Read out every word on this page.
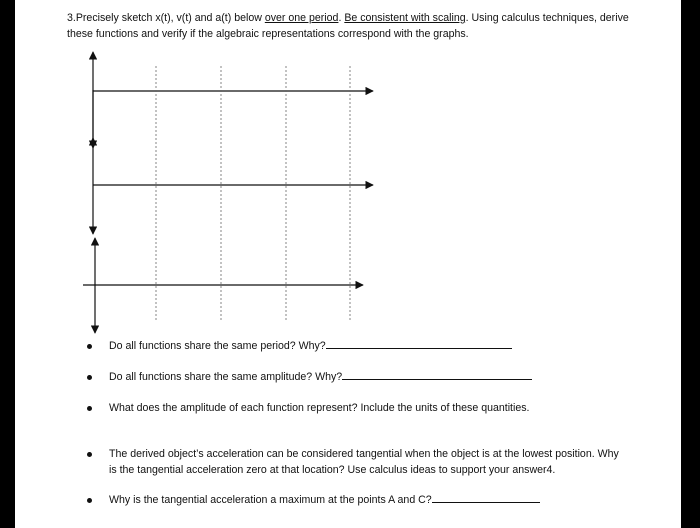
3.Precisely sketch x(t), v(t) and a(t) below over one period. Be consistent with scaling. Using calculus techniques, derive these functions and verify if the algebraic representations correspond with the graphs.
Do all functions share the same period? Why?
Do all functions share the same amplitude? Why?
What does the amplitude of each function represent? Include the units of these quantities.
The derived object’s acceleration can be considered tangential when the object is at the lowest position. Why is the tangential acceleration zero at that location? Use calculus ideas to support your answer4.
Why is the tangential acceleration a maximum at the points A and C?
